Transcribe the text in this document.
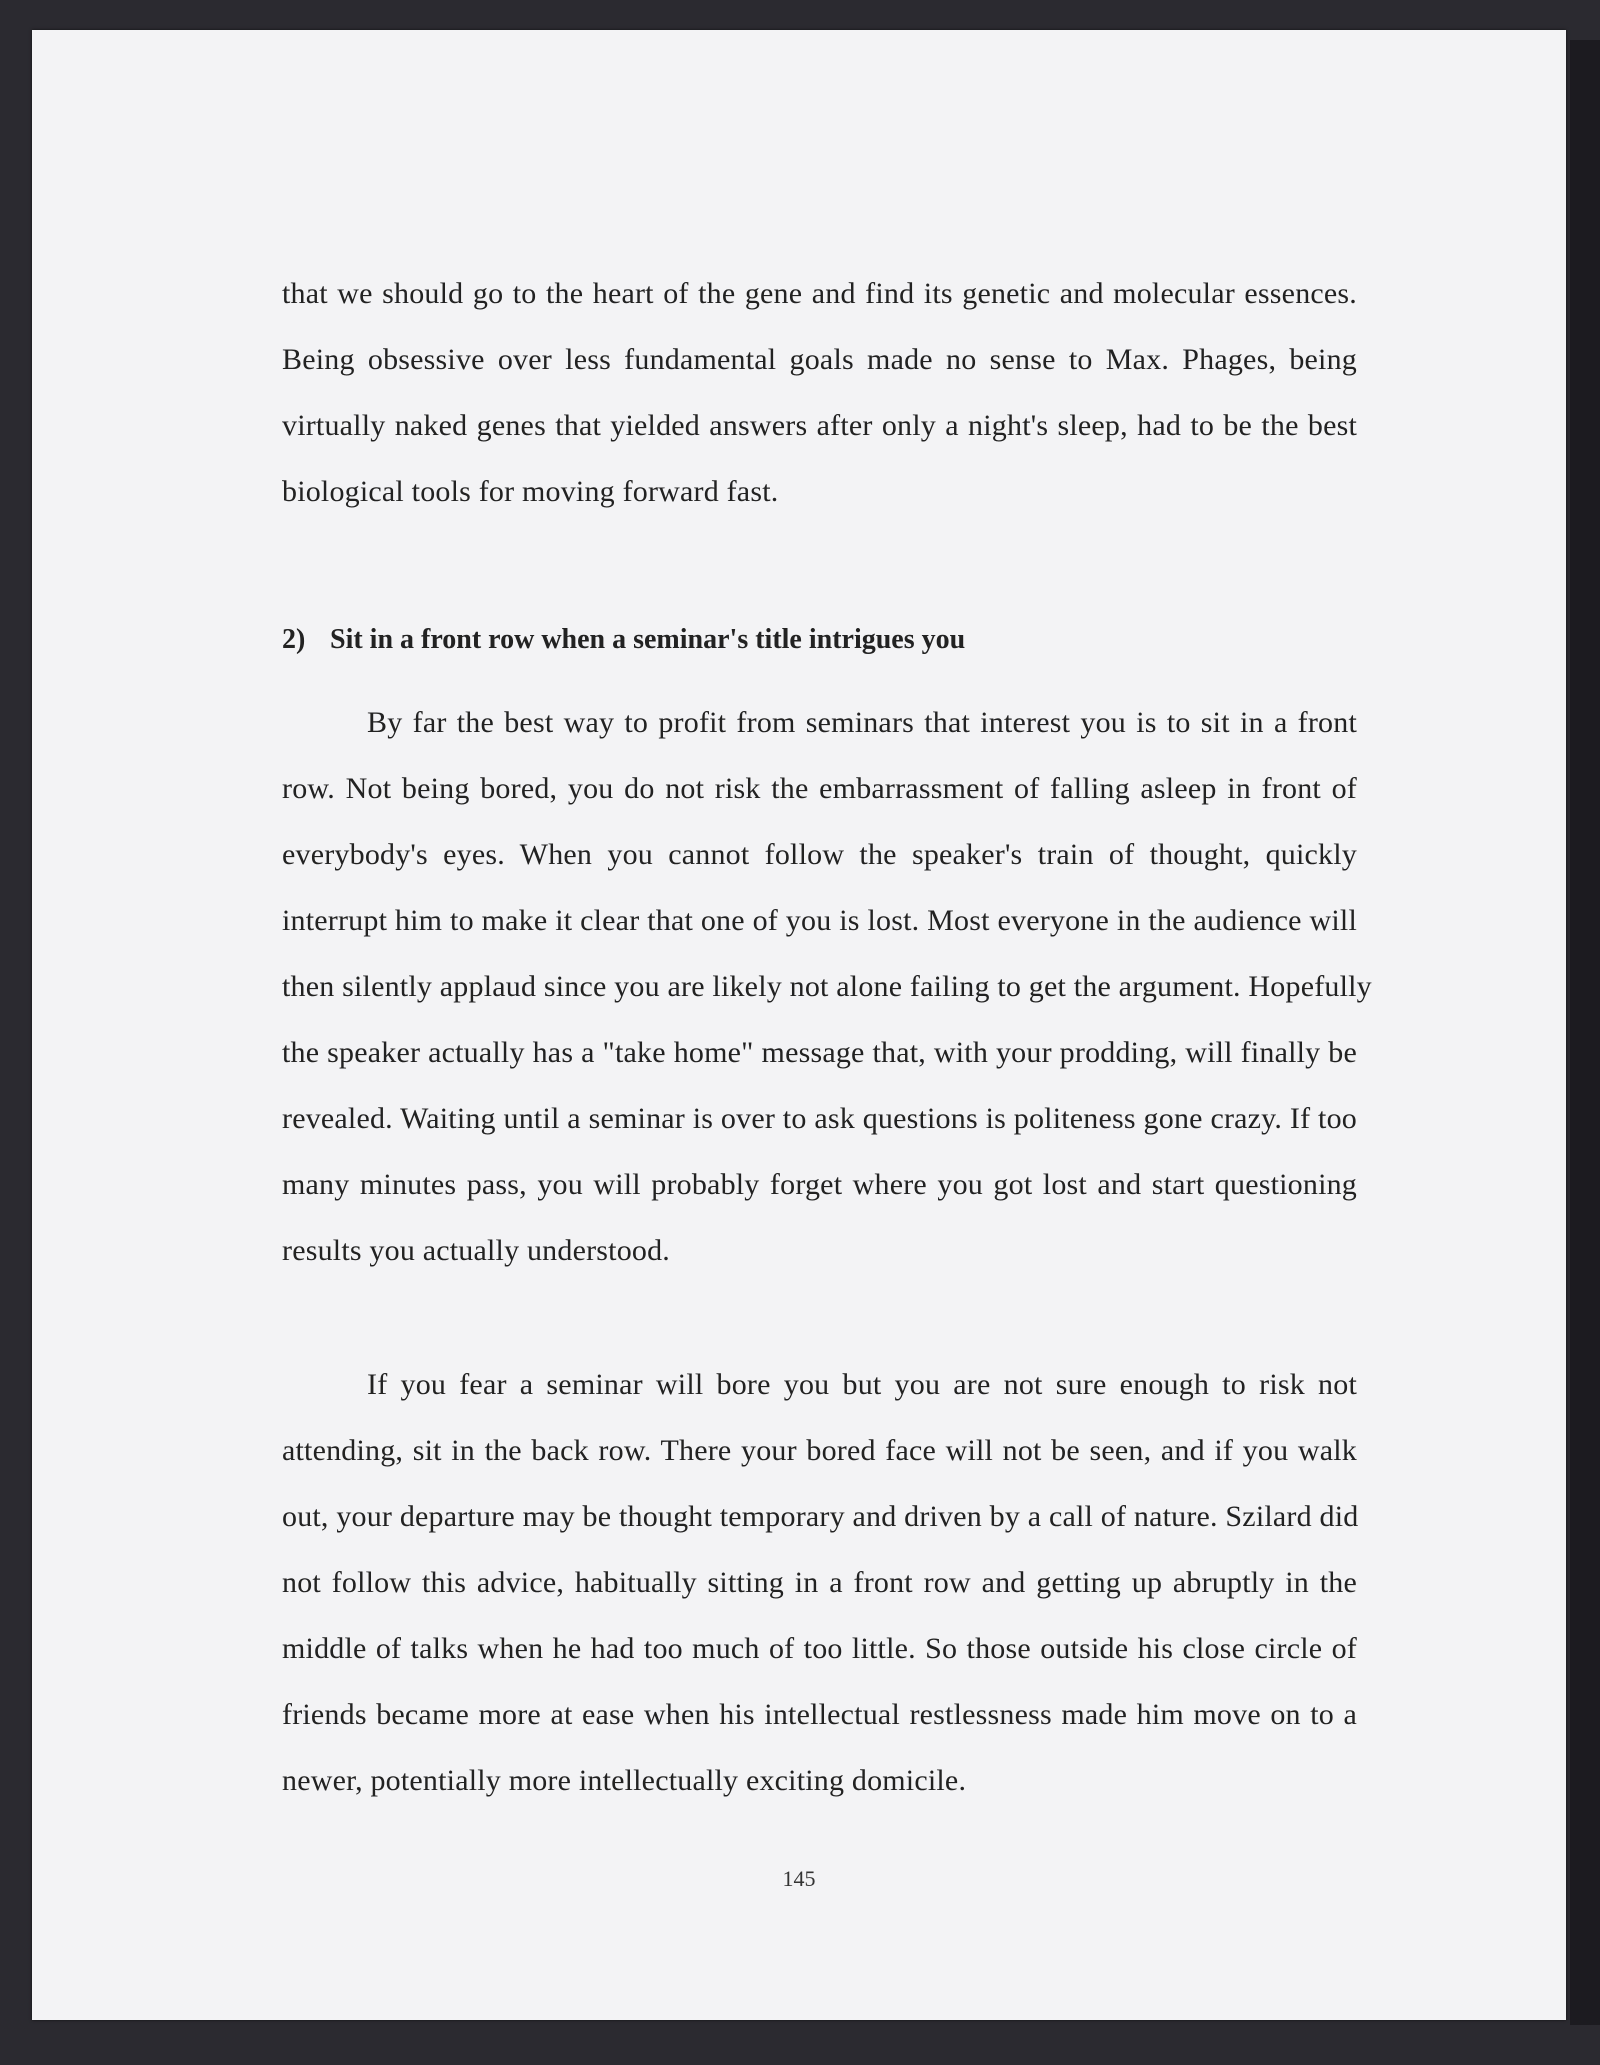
that we should go to the heart of the gene and find its genetic and molecular essences.
Being obsessive over less fundamental goals made no sense to Max. Phages, being
virtually naked genes that yielded answers after only a night's sleep, had to be the best
biological tools for moving forward fast.
2) Sit in a front row when a seminar's title intrigues you
By far the best way to profit from seminars that interest you is to sit in a front
row. Not being bored, you do not risk the embarrassment of falling asleep in front of
everybody's eyes. When you cannot follow the speaker's train of thought, quickly
interrupt him to make it clear that one of you is lost. Most everyone in the audience will
then silently applaud since you are likely not alone failing to get the argument. Hopefully
the speaker actually has a "take home" message that, with your prodding, will finally be
revealed. Waiting until a seminar is over to ask questions is politeness gone crazy. If too
many minutes pass, you will probably forget where you got lost and start questioning
results you actually understood.
If you fear a seminar will bore you but you are not sure enough to risk not
attending, sit in the back row. There your bored face will not be seen, and if you walk
out, your departure may be thought temporary and driven by a call of nature. Szilard did
not follow this advice, habitually sitting in a front row and getting up abruptly in the
middle of talks when he had too much of too little. So those outside his close circle of
friends became more at ease when his intellectual restlessness made him move on to a
newer, potentially more intellectually exciting domicile.
145
